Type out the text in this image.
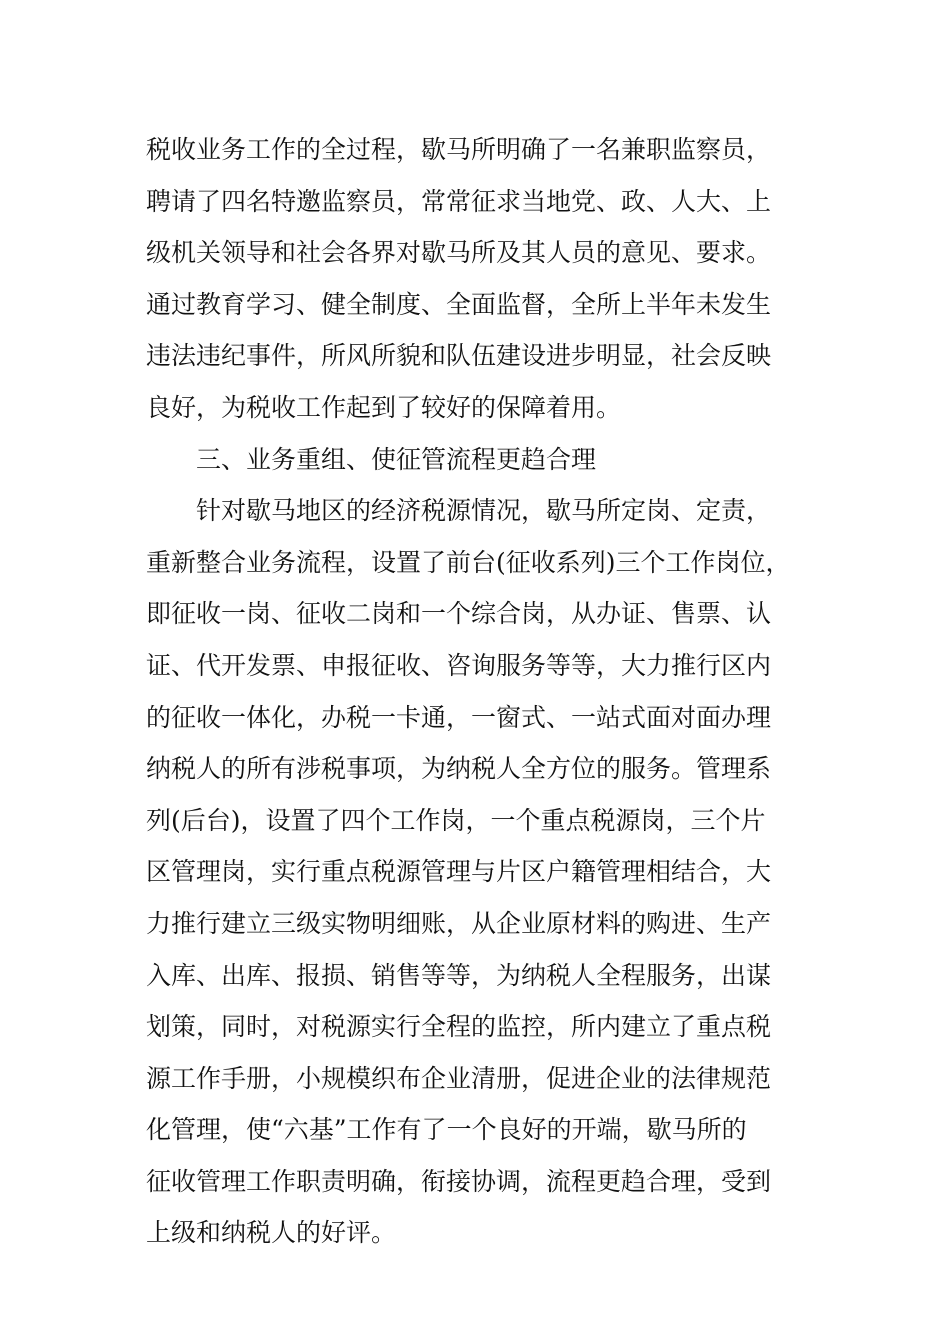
税收业务工作的全过程，歇马所明确了一名兼职监察员，
聘请了四名特邀监察员，常常征求当地党、政、人大、上
级机关领导和社会各界对歇马所及其人员的意见、要求。
通过教育学习、健全制度、全面监督，全所上半年未发生
违法违纪事件，所风所貌和队伍建设进步明显，社会反映
良好，为税收工作起到了较好的保障着用。
三、业务重组、使征管流程更趋合理
针对歇马地区的经济税源情况，歇马所定岗、定责，
重新整合业务流程，设置了前台(征收系列)三个工作岗位，
即征收一岗、征收二岗和一个综合岗，从办证、售票、认
证、代开发票、申报征收、咨询服务等等，大力推行区内
的征收一体化，办税一卡通，一窗式、一站式面对面办理
纳税人的所有涉税事项，为纳税人全方位的服务。管理系
列(后台)，设置了四个工作岗，一个重点税源岗，三个片
区管理岗，实行重点税源管理与片区户籍管理相结合，大
力推行建立三级实物明细账，从企业原材料的购进、生产
入库、出库、报损、销售等等，为纳税人全程服务，出谋
划策，同时，对税源实行全程的监控，所内建立了重点税
源工作手册，小规模织布企业清册，促进企业的法律规范
化管理，使“六基”工作有了一个良好的开端，歇马所的
征收管理工作职责明确，衔接协调，流程更趋合理，受到
上级和纳税人的好评。
